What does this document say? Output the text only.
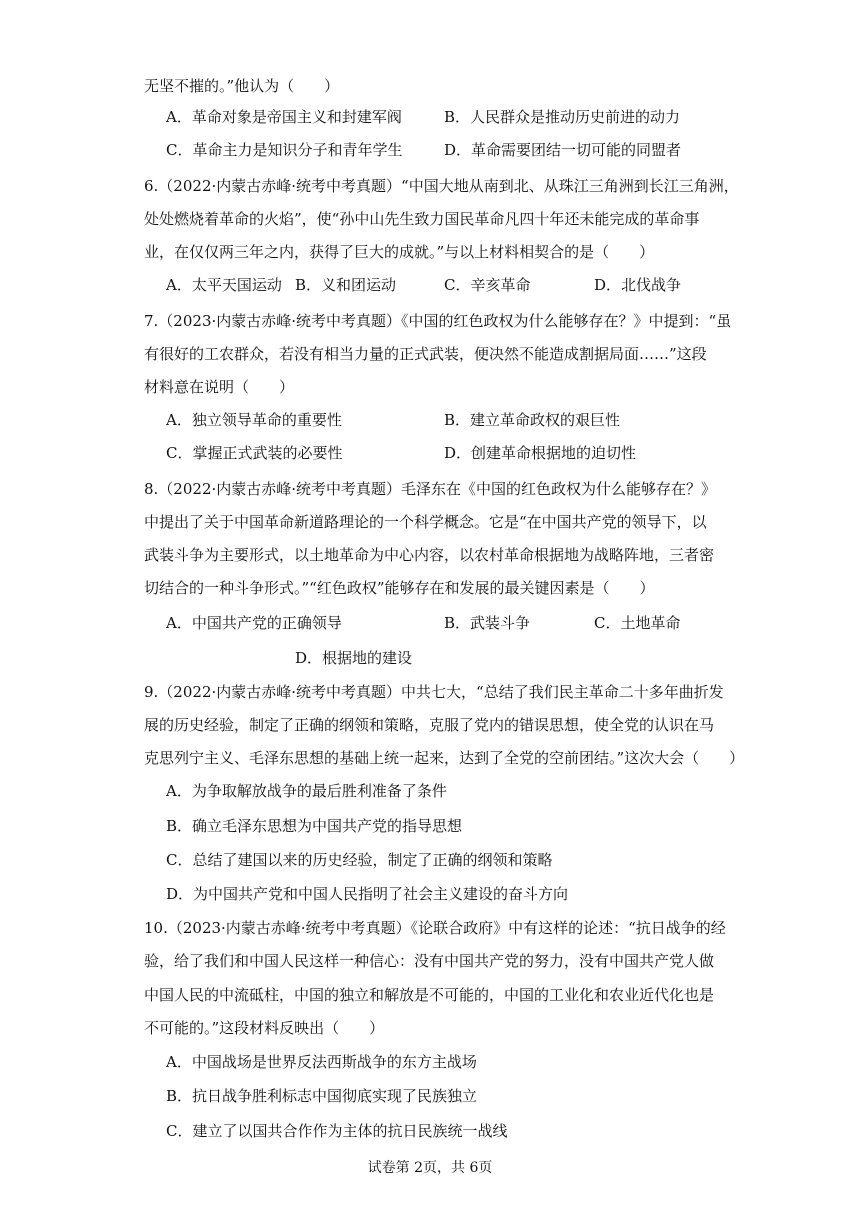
无坚不摧的。”他认为（　　）
A．革命对象是帝国主义和封建军阀	B．人民群众是推动历史前进的动力
C．革命主力是知识分子和青年学生	D．革命需要团结一切可能的同盟者
6.（2022·内蒙古赤峰·统考中考真题）“中国大地从南到北、从珠江三角洲到长江三角洲，
处处燃烧着革命的火焰”，使“孙中山先生致力国民革命凡四十年还未能完成的革命事
业，在仅仅两三年之内，获得了巨大的成就。”与以上材料相契合的是（　　）
A．太平天国运动 B．义和团运动	C．辛亥革命	D．北伐战争
7.（2023·内蒙古赤峰·统考中考真题）《中国的红色政权为什么能够存在？》中提到：“虽
有很好的工农群众，若没有相当力量的正式武装，便决然不能造成割据局面……”这段
材料意在说明（　　）
A．独立领导革命的重要性	B．建立革命政权的艰巨性
C．掌握正式武装的必要性	D．创建革命根据地的迫切性
8.（2022·内蒙古赤峰·统考中考真题）毛泽东在《中国的红色政权为什么能够存在？》
中提出了关于中国革命新道路理论的一个科学概念。它是“在中国共产党的领导下，以
武装斗争为主要形式，以土地革命为中心内容，以农村革命根据地为战略阵地，三者密
切结合的一种斗争形式。”“红色政权”能够存在和发展的最关键因素是（　　）
A．中国共产党的正确领导	B．武装斗争	C．土地革命
D．根据地的建设
9.（2022·内蒙古赤峰·统考中考真题）中共七大，“总结了我们民主革命二十多年曲折发
展的历史经验，制定了正确的纲领和策略，克服了党内的错误思想，使全党的认识在马
克思列宁主义、毛泽东思想的基础上统一起来，达到了全党的空前团结。”这次大会（　　）
A．为争取解放战争的最后胜利准备了条件
B．确立毛泽东思想为中国共产党的指导思想
C．总结了建国以来的历史经验，制定了正确的纲领和策略
D．为中国共产党和中国人民指明了社会主义建设的奋斗方向
10.（2023·内蒙古赤峰·统考中考真题）《论联合政府》中有这样的论述：“抗日战争的经
验，给了我们和中国人民这样一种信心：没有中国共产党的努力，没有中国共产党人做
中国人民的中流砥柱，中国的独立和解放是不可能的，中国的工业化和农业近代化也是
不可能的。”这段材料反映出（　　）
A．中国战场是世界反法西斯战争的东方主战场
B．抗日战争胜利标志中国彻底实现了民族独立
C．建立了以国共合作作为主体的抗日民族统一战线
试卷第 2页，共 6页
